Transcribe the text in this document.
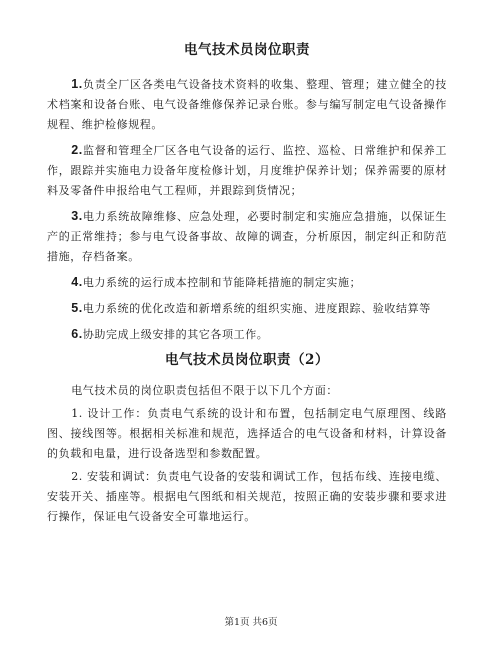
电气技术员岗位职责

1.负责全厂区各类电气设备技术资料的收集、整理、管理；建立健全的技术档案和设备台账、电气设备维修保养记录台账。参与编写制定电气设备操作规程、维护检修规程。

2.监督和管理全厂区各电气设备的运行、监控、巡检、日常维护和保养工作，跟踪并实施电力设备年度检修计划，月度维护保养计划；保养需要的原材料及零备件申报给电气工程师，并跟踪到货情况；

3.电力系统故障维修、应急处理，必要时制定和实施应急措施，以保证生产的正常维持；参与电气设备事故、故障的调查，分析原因，制定纠正和防范措施，存档备案。

4.电力系统的运行成本控制和节能降耗措施的制定实施；

5.电力系统的优化改造和新增系统的组织实施、进度跟踪、验收结算等

6.协助完成上级安排的其它各项工作。

电气技术员岗位职责（2）

电气技术员的岗位职责包括但不限于以下几个方面：

1. 设计工作：负责电气系统的设计和布置，包括制定电气原理图、线路图、接线图等。根据相关标准和规范，选择适合的电气设备和材料，计算设备的负载和电量，进行设备选型和参数配置。

2. 安装和调试：负责电气设备的安装和调试工作，包括布线、连接电缆、安装开关、插座等。根据电气图纸和相关规范，按照正确的安装步骤和要求进行操作，保证电气设备安全可靠地运行。

第1页 共6页
